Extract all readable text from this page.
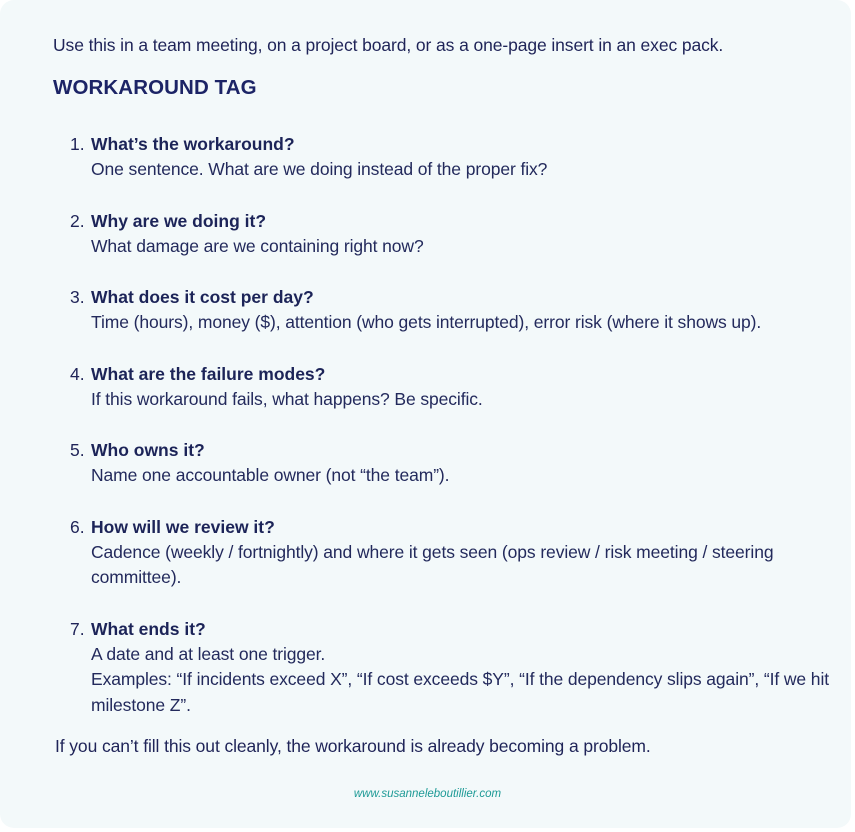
Use this in a team meeting, on a project board, or as a one-page insert in an exec pack.
WORKAROUND TAG
1. What’s the workaround?
One sentence. What are we doing instead of the proper fix?
2. Why are we doing it?
What damage are we containing right now?
3. What does it cost per day?
Time (hours), money ($), attention (who gets interrupted), error risk (where it shows up).
4. What are the failure modes?
If this workaround fails, what happens? Be specific.
5. Who owns it?
Name one accountable owner (not “the team”).
6. How will we review it?
Cadence (weekly / fortnightly) and where it gets seen (ops review / risk meeting / steering committee).
7. What ends it?
A date and at least one trigger.
Examples: “If incidents exceed X”, “If cost exceeds $Y”, “If the dependency slips again”, “If we hit milestone Z”.
If you can’t fill this out cleanly, the workaround is already becoming a problem.
www.susanneleboutillier.com
